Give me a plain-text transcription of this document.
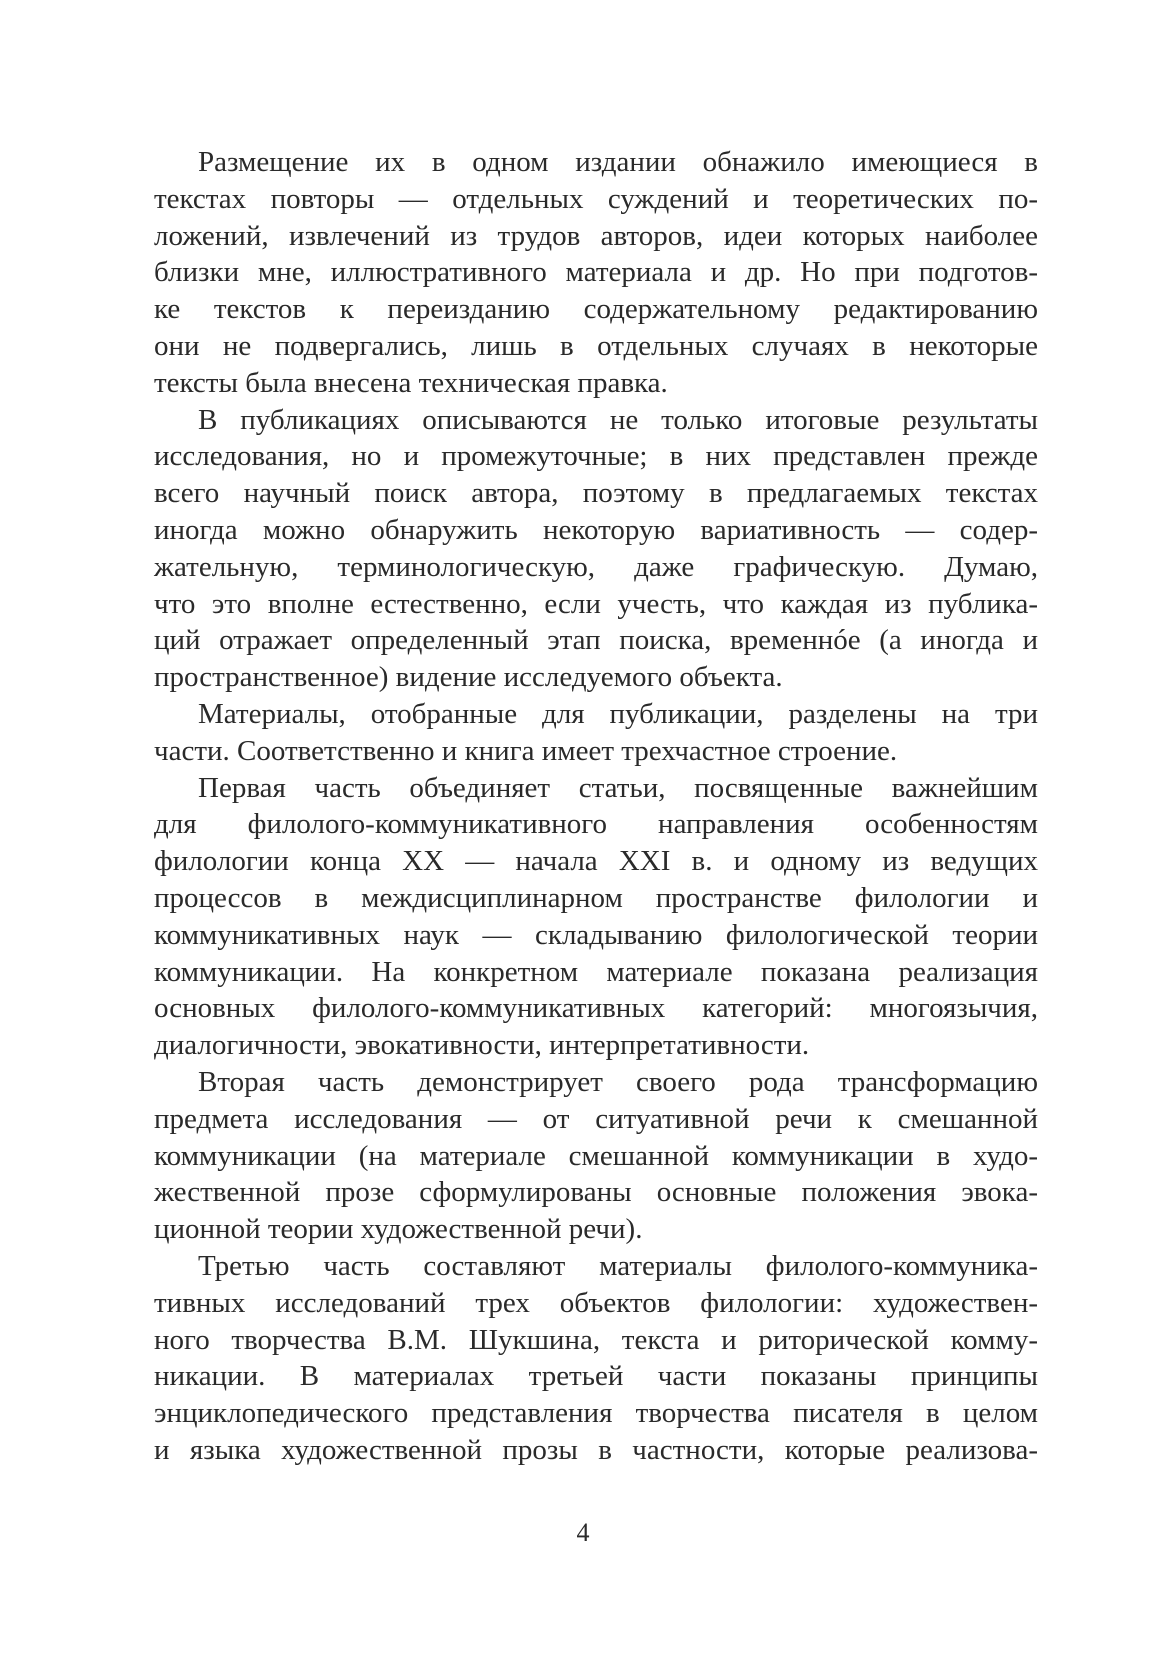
Размещение их в одном издании обнажило имеющиеся в
текстах повторы — отдельных суждений и теоретических по-
ложений, извлечений из трудов авторов, идеи которых наиболее
близки мне, иллюстративного материала и др. Но при подготов-
ке текстов к переизданию содержательному редактированию
они не подвергались, лишь в отдельных случаях в некоторые
тексты была внесена техническая правка.
В публикациях описываются не только итоговые результаты
исследования, но и промежуточные; в них представлен прежде
всего научный поиск автора, поэтому в предлагаемых текстах
иногда можно обнаружить некоторую вариативность — содер-
жательную, терминологическую, даже графическую. Думаю,
что это вполне естественно, если учесть, что каждая из публика-
ций отражает определенный этап поиска, временнóе (а иногда и
пространственное) видение исследуемого объекта.
Материалы, отобранные для публикации, разделены на три
части. Соответственно и книга имеет трехчастное строение.
Первая часть объединяет статьи, посвященные важнейшим
для филолого-коммуникативного направления особенностям
филологии конца XX — начала XXI в. и одному из ведущих
процессов в междисциплинарном пространстве филологии и
коммуникативных наук — складыванию филологической теории
коммуникации. На конкретном материале показана реализация
основных филолого-коммуникативных категорий: многоязычия,
диалогичности, эвокативности, интерпретативности.
Вторая часть демонстрирует своего рода трансформацию
предмета исследования — от ситуативной речи к смешанной
коммуникации (на материале смешанной коммуникации в худо-
жественной прозе сформулированы основные положения эвока-
ционной теории художественной речи).
Третью часть составляют материалы филолого-коммуника-
тивных исследований трех объектов филологии: художествен-
ного творчества В.М. Шукшина, текста и риторической комму-
никации. В материалах третьей части показаны принципы
энциклопедического представления творчества писателя в целом
и языка художественной прозы в частности, которые реализова-
4
